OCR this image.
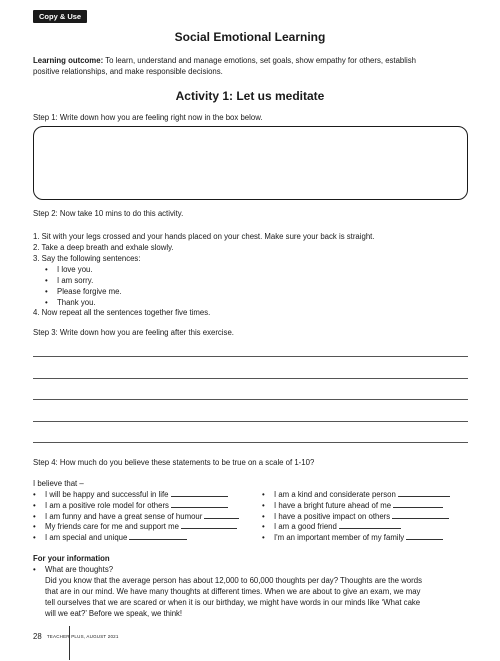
Copy & Use
Social Emotional Learning
Learning outcome: To learn, understand and manage emotions, set goals, show empathy for others, establish
positive relationships, and make responsible decisions.
Activity 1: Let us meditate
Step 1: Write down how you are feeling right now in the box below.
Step 2: Now take 10 mins to do this activity.
1. Sit with your legs crossed and your hands placed on your chest. Make sure your back is straight.
2. Take a deep breath and exhale slowly.
3. Say the following sentences:
• I love you.
• I am sorry.
• Please forgive me.
• Thank you.
4. Now repeat all the sentences together five times.
Step 3: Write down how you are feeling after this exercise.
Step 4: How much do you believe these statements to be true on a scale of 1-10?
I believe that –
• I will be happy and successful in life
• I am a positive role model for others
• I am funny and have a great sense of humour
• My friends care for me and support me
• I am special and unique
• I am a kind and considerate person
• I have a bright future ahead of me
• I have a positive impact on others
• I am a good friend
• I'm an important member of my family
For your information
• What are thoughts?
Did you know that the average person has about 12,000 to 60,000 thoughts per day? Thoughts are the words
that are in our mind. We have many thoughts at different times. When we are about to give an exam, we may
tell ourselves that we are scared or when it is our birthday, we might have words in our minds like ‘What cake
will we eat?’ Before we speak, we think!
28 TEACHER PLUS, AUGUST 2021
